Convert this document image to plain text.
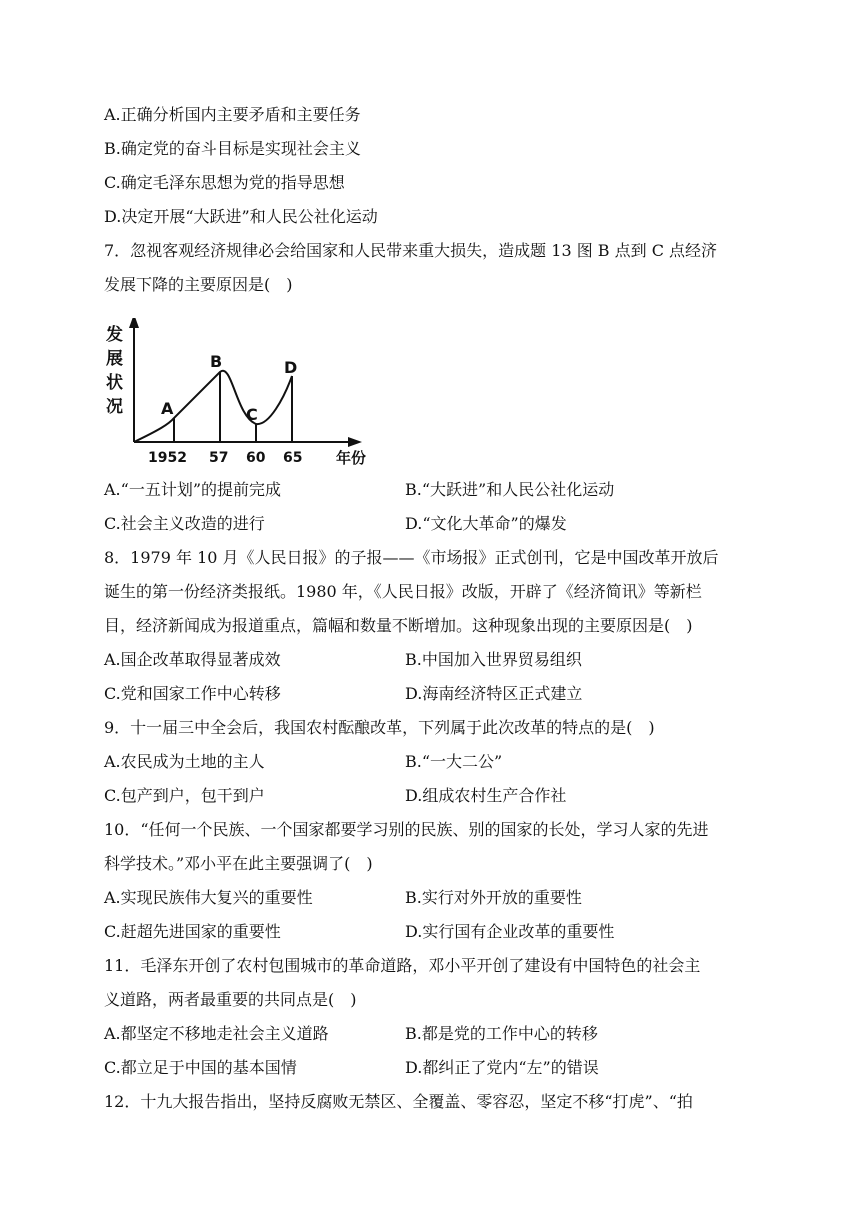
A.正确分析国内主要矛盾和主要任务
B.确定党的奋斗目标是实现社会主义
C.确定毛泽东思想为党的指导思想
D.决定开展“大跃进”和人民公社化运动
7．忽视客观经济规律必会给国家和人民带来重大损失，造成题 13 图 B 点到 C 点经济
发展下降的主要原因是(　)
发
展
状
况 A
B
C
D
1952 57 60 65 年份
A.“一五计划”的提前完成	B.“大跃进”和人民公社化运动
C.社会主义改造的进行	D.“文化大革命”的爆发
8．1979 年 10 月《人民日报》的子报——《市场报》正式创刊，它是中国改革开放后
诞生的第一份经济类报纸。1980 年，《人民日报》改版，开辟了《经济简讯》等新栏
目，经济新闻成为报道重点，篇幅和数量不断增加。这种现象出现的主要原因是(　)
A.国企改革取得显著成效	B.中国加入世界贸易组织
C.党和国家工作中心转移	D.海南经济特区正式建立
9．十一届三中全会后，我国农村酝酿改革，下列属于此次改革的特点的是(　)
A.农民成为土地的主人	B.“一大二公”
C.包产到户，包干到户	D.组成农村生产合作社
10．“任何一个民族、一个国家都要学习别的民族、别的国家的长处，学习人家的先进
科学技术。”邓小平在此主要强调了(　)
A.实现民族伟大复兴的重要性	B.实行对外开放的重要性
C.赶超先进国家的重要性	D.实行国有企业改革的重要性
11．毛泽东开创了农村包围城市的革命道路，邓小平开创了建设有中国特色的社会主
义道路，两者最重要的共同点是(　)
A.都坚定不移地走社会主义道路	B.都是党的工作中心的转移
C.都立足于中国的基本国情	D.都纠正了党内“左”的错误
12．十九大报告指出，坚持反腐败无禁区、全覆盖、零容忍，坚定不移“打虎”、“拍
